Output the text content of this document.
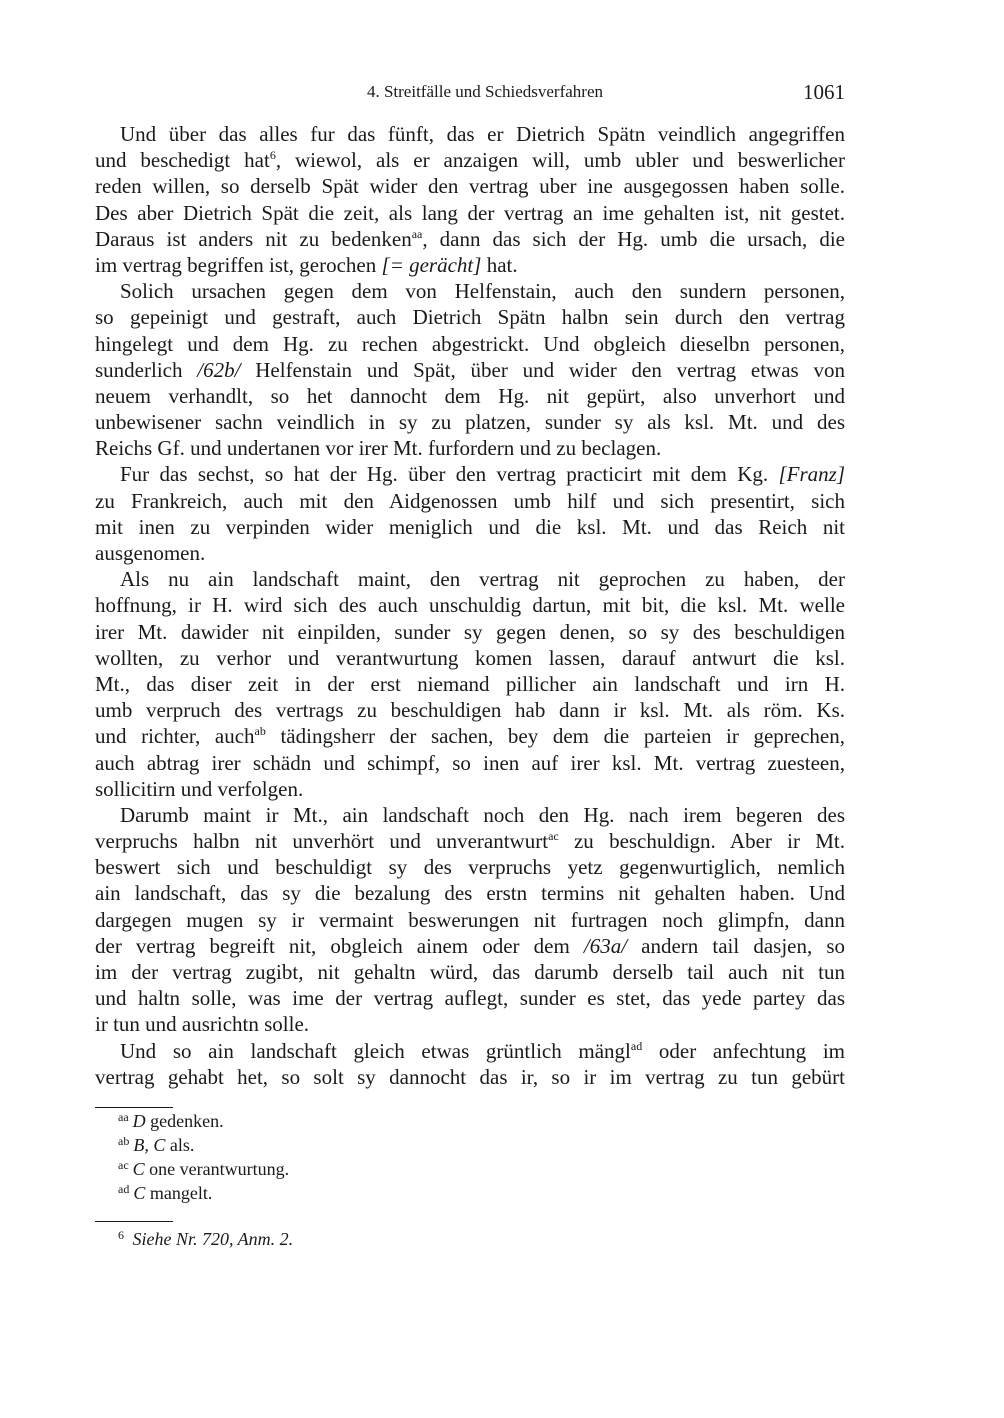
4. Streitfälle und Schiedsverfahren	1061
Und über das alles fur das fünft, das er Dietrich Spätn veindlich angegriffen
und beschedigt hat$^6$, wiewol, als er anzaigen will, umb ubler und beswerlicher
reden willen, so derselb Spät wider den vertrag uber ine ausgegossen haben solle.
Des aber Dietrich Spät die zeit, als lang der vertrag an ime gehalten ist, nit gestet.
Daraus ist anders nit zu bedenken$^{aa}$, dann das sich der Hg. umb die ursach, die
im vertrag begriffen ist, gerochen [= gerächt] hat.
Solich ursachen gegen dem von Helfenstain, auch den sundern personen,
so gepeinigt und gestraft, auch Dietrich Spätn halbn sein durch den vertrag
hingelegt und dem Hg. zu rechen abgestrickt. Und obgleich dieselbn personen,
sunderlich /62b/ Helfenstain und Spät, über und wider den vertrag etwas von
neuem verhandlt, so het dannocht dem Hg. nit gepürt, also unverhort und
unbewisener sachn veindlich in sy zu platzen, sunder sy als ksl. Mt. und des
Reichs Gf. und undertanen vor irer Mt. furfordern und zu beclagen.
Fur das sechst, so hat der Hg. über den vertrag practicirt mit dem Kg. [Franz]
zu Frankreich, auch mit den Aidgenossen umb hilf und sich presentirt, sich
mit inen zu verpinden wider meniglich und die ksl. Mt. und das Reich nit
ausgenomen.
Als nu ain landschaft maint, den vertrag nit geprochen zu haben, der
hoffnung, ir H. wird sich des auch unschuldig dartun, mit bit, die ksl. Mt. welle
irer Mt. dawider nit einpilden, sunder sy gegen denen, so sy des beschuldigen
wollten, zu verhor und verantwurtung komen lassen, darauf antwurt die ksl.
Mt., das diser zeit in der erst niemand pillicher ain landschaft und irn H.
umb verpruch des vertrags zu beschuldigen hab dann ir ksl. Mt. als röm. Ks.
und richter, auch$^{ab}$ tädingsherr der sachen, bey dem die parteien ir geprechen,
auch abtrag irer schädn und schimpf, so inen auf irer ksl. Mt. vertrag zuesteen,
sollicitirn und verfolgen.
Darumb maint ir Mt., ain landschaft noch den Hg. nach irem begeren des
verpruchs halbn nit unverhört und unverantwurt$^{ac}$ zu beschuldign. Aber ir Mt.
beswert sich und beschuldigt sy des verpruchs yetz gegenwurtiglich, nemlich
ain landschaft, das sy die bezalung des erstn termins nit gehalten haben. Und
dargegen mugen sy ir vermaint beswerungen nit furtragen noch glimpfn, dann
der vertrag begreift nit, obgleich ainem oder dem /63a/ andern tail dasjen, so
im der vertrag zugibt, nit gehaltn würd, das darumb derselb tail auch nit tun
und haltn solle, was ime der vertrag auflegt, sunder es stet, das yede partey das
ir tun und ausrichtn solle.
Und so ain landschaft gleich etwas grüntlich mängl$^{ad}$ oder anfechtung im
vertrag gehabt het, so solt sy dannocht das ir, so ir im vertrag zu tun gebürt
$^{aa}$ D gedenken.
$^{ab}$ B, C als.
$^{ac}$ C one verantwurtung.
$^{ad}$ C mangelt.
$^6$ Siehe Nr. 720, Anm. 2.
